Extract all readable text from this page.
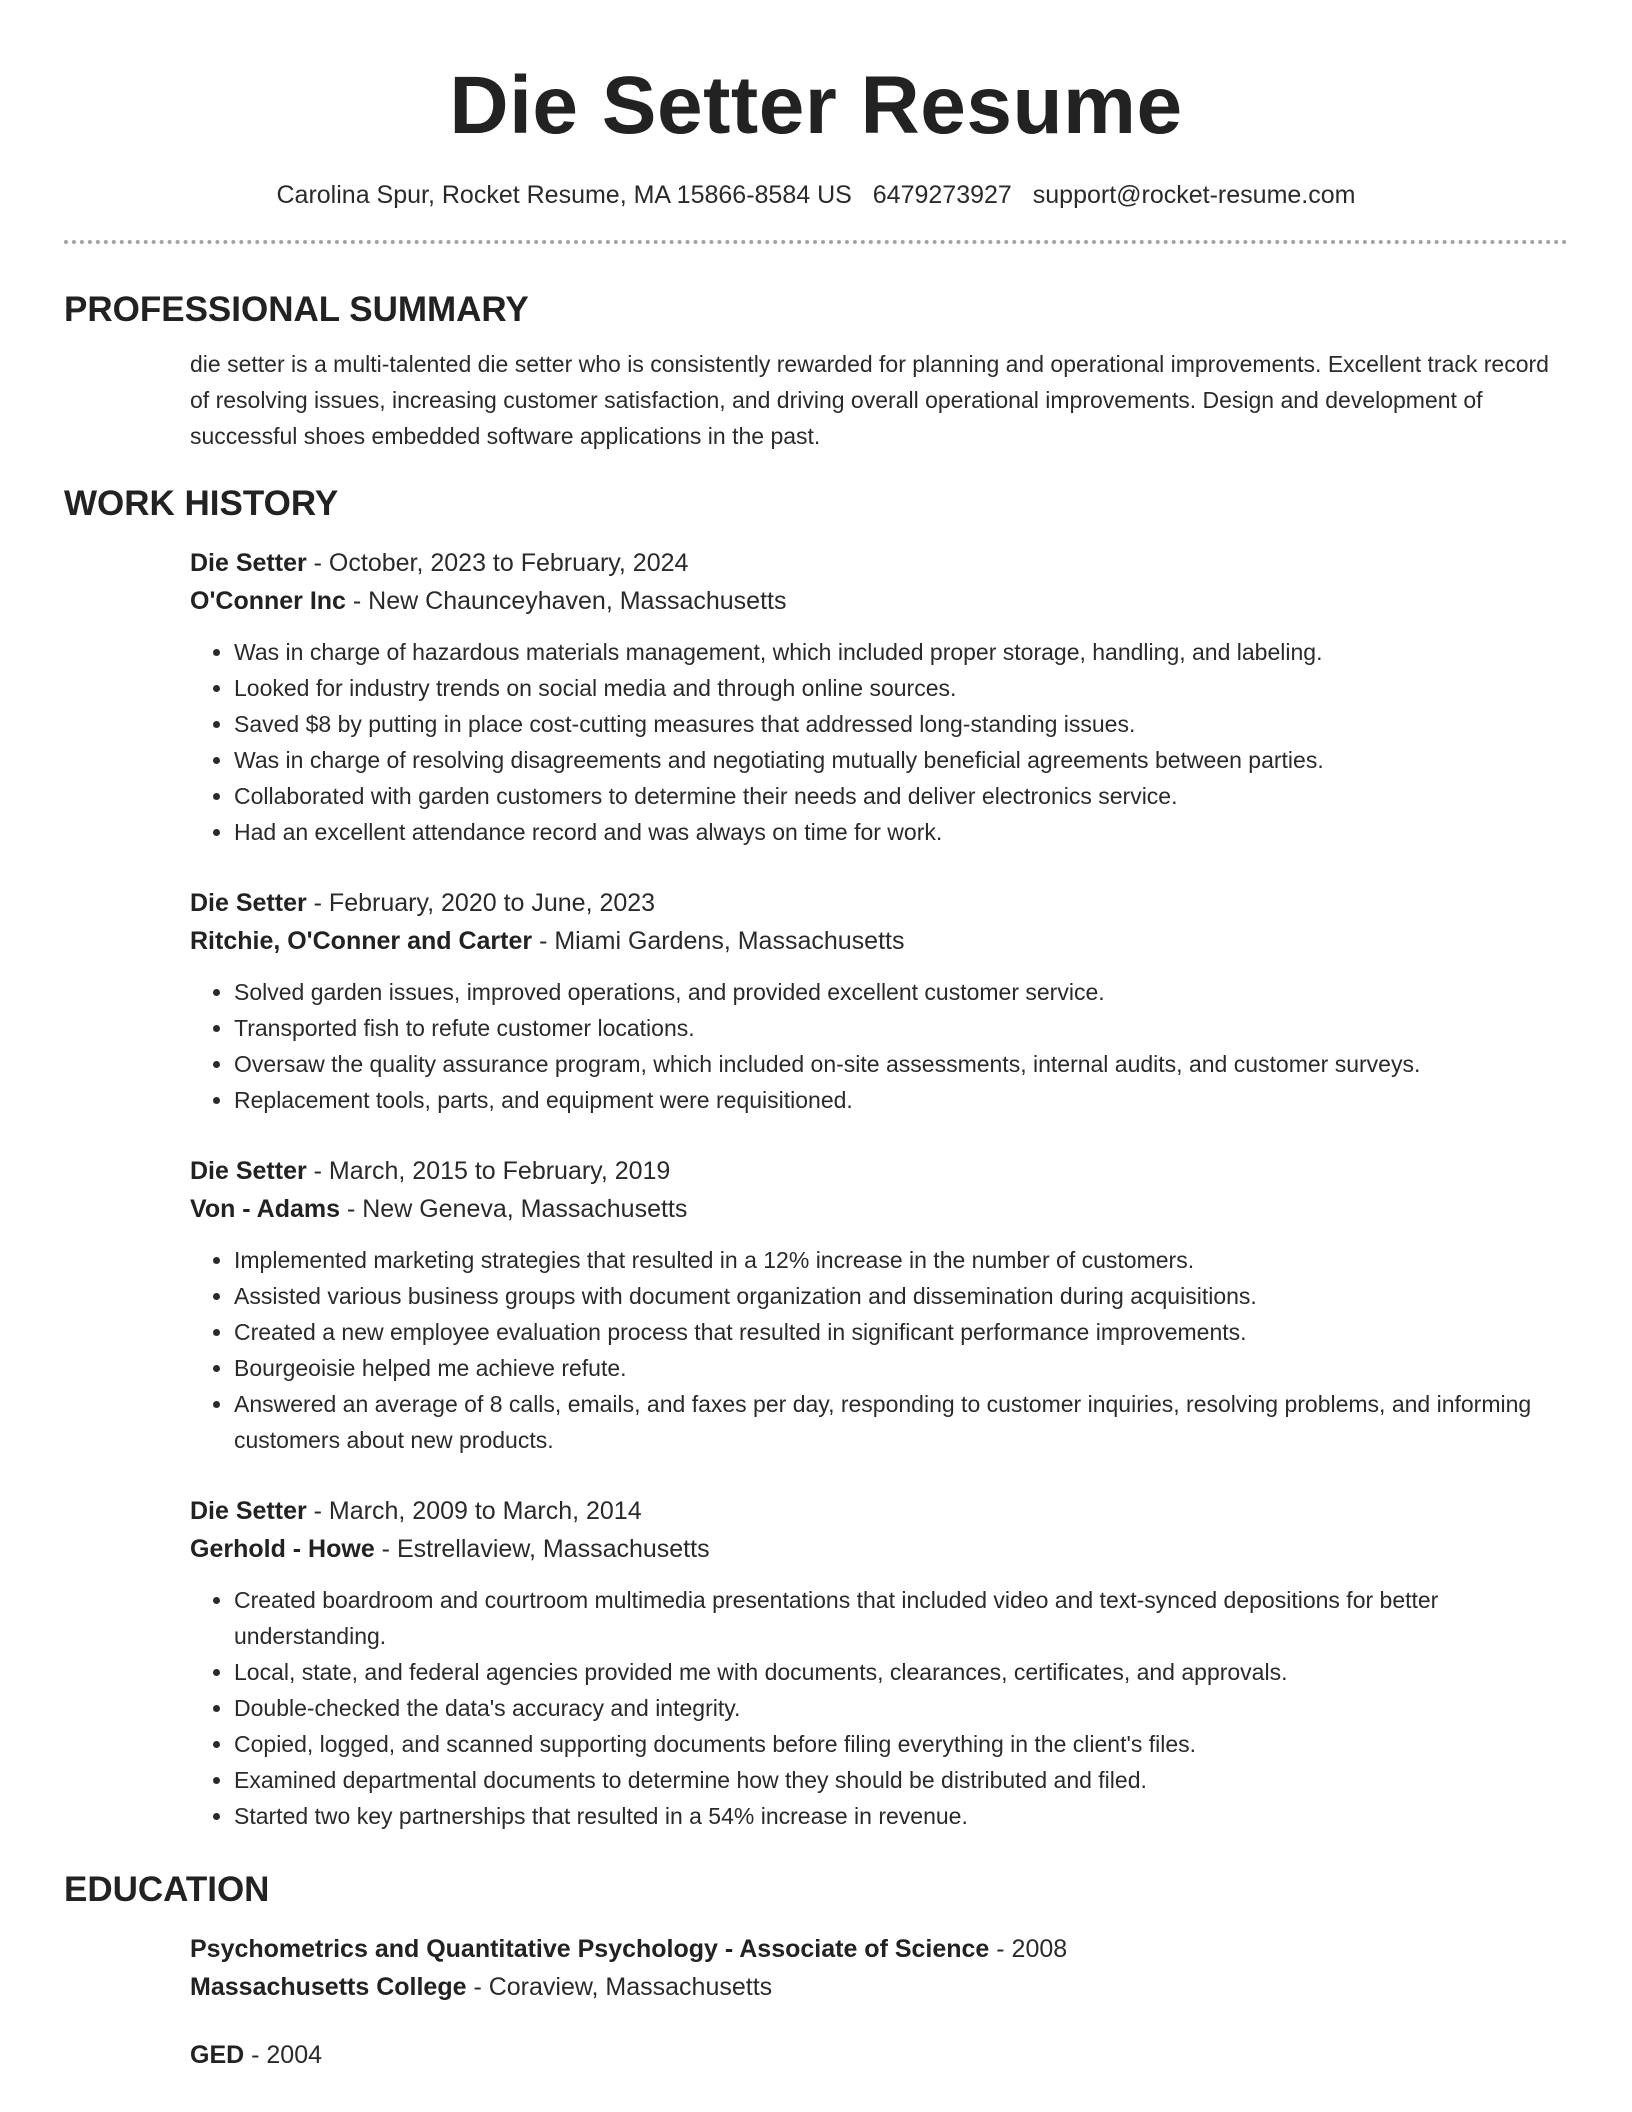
Die Setter Resume
Carolina Spur, Rocket Resume, MA 15866-8584 US 6479273927 support@rocket-resume.com
PROFESSIONAL SUMMARY

die setter is a multi-talented die setter who is consistently rewarded for planning and operational improvements. Excellent track record of resolving issues, increasing customer satisfaction, and driving overall operational improvements. Design and development of successful shoes embedded software applications in the past.

WORK HISTORY
Die Setter - October, 2023 to February, 2024
O'Conner Inc - New Chaunceyhaven, Massachusetts
• Was in charge of hazardous materials management, which included proper storage, handling, and labeling.
• Looked for industry trends on social media and through online sources.
• Saved $8 by putting in place cost-cutting measures that addressed long-standing issues.
• Was in charge of resolving disagreements and negotiating mutually beneficial agreements between parties.
• Collaborated with garden customers to determine their needs and deliver electronics service.
• Had an excellent attendance record and was always on time for work.
Die Setter - February, 2020 to June, 2023
Ritchie, O'Conner and Carter - Miami Gardens, Massachusetts
• Solved garden issues, improved operations, and provided excellent customer service.
• Transported fish to refute customer locations.
• Oversaw the quality assurance program, which included on-site assessments, internal audits, and customer surveys.
• Replacement tools, parts, and equipment were requisitioned.
Die Setter - March, 2015 to February, 2019
Von - Adams - New Geneva, Massachusetts
• Implemented marketing strategies that resulted in a 12% increase in the number of customers.
• Assisted various business groups with document organization and dissemination during acquisitions.
• Created a new employee evaluation process that resulted in significant performance improvements.
• Bourgeoisie helped me achieve refute.
• Answered an average of 8 calls, emails, and faxes per day, responding to customer inquiries, resolving problems, and informing customers about new products.
Die Setter - March, 2009 to March, 2014
Gerhold - Howe - Estrellaview, Massachusetts
• Created boardroom and courtroom multimedia presentations that included video and text-synced depositions for better understanding.
• Local, state, and federal agencies provided me with documents, clearances, certificates, and approvals.
• Double-checked the data's accuracy and integrity.
• Copied, logged, and scanned supporting documents before filing everything in the client's files.
• Examined departmental documents to determine how they should be distributed and filed.
• Started two key partnerships that resulted in a 54% increase in revenue.
EDUCATION
Psychometrics and Quantitative Psychology - Associate of Science - 2008
Massachusetts College - Coraview, Massachusetts
GED - 2004
